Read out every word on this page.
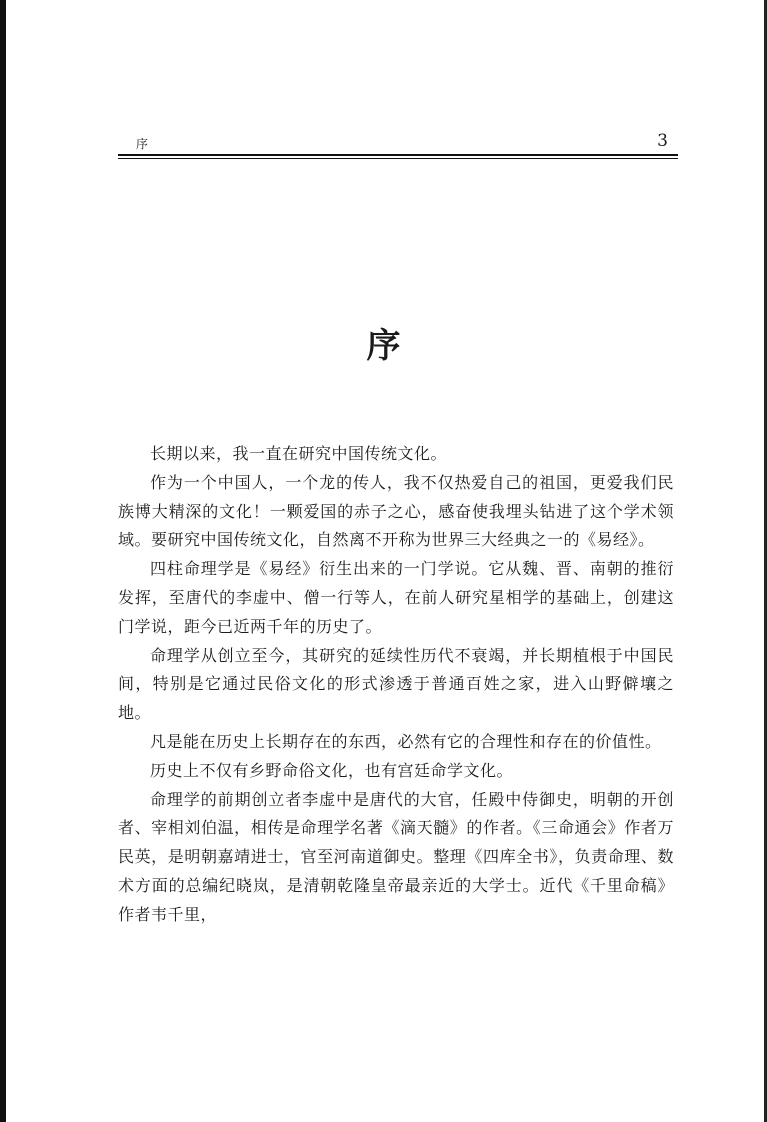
序	3
序

长期以来，我一直在研究中国传统文化。

作为一个中国人，一个龙的传人，我不仅热爱自己的祖国，更爱我们民族博大精深的文化！一颗爱国的赤子之心，感奋使我埋头钻进了这个学术领域。要研究中国传统文化，自然离不开称为世界三大经典之一的《易经》。

四柱命理学是《易经》衍生出来的一门学说。它从魏、晋、南朝的推衍发挥，至唐代的李虚中、僧一行等人，在前人研究星相学的基础上，创建这门学说，距今已近两千年的历史了。

命理学从创立至今，其研究的延续性历代不衰竭，并长期植根于中国民间，特别是它通过民俗文化的形式渗透于普通百姓之家，进入山野僻壤之地。

凡是能在历史上长期存在的东西，必然有它的合理性和存在的价值性。

历史上不仅有乡野命俗文化，也有宫廷命学文化。

命理学的前期创立者李虚中是唐代的大官，任殿中侍御史，明朝的开创者、宰相刘伯温，相传是命理学名著《滴天髓》的作者。《三命通会》作者万民英，是明朝嘉靖进士，官至河南道御史。整理《四库全书》，负责命理、数术方面的总编纪晓岚，是清朝乾隆皇帝最亲近的大学士。近代《千里命稿》作者韦千里，
